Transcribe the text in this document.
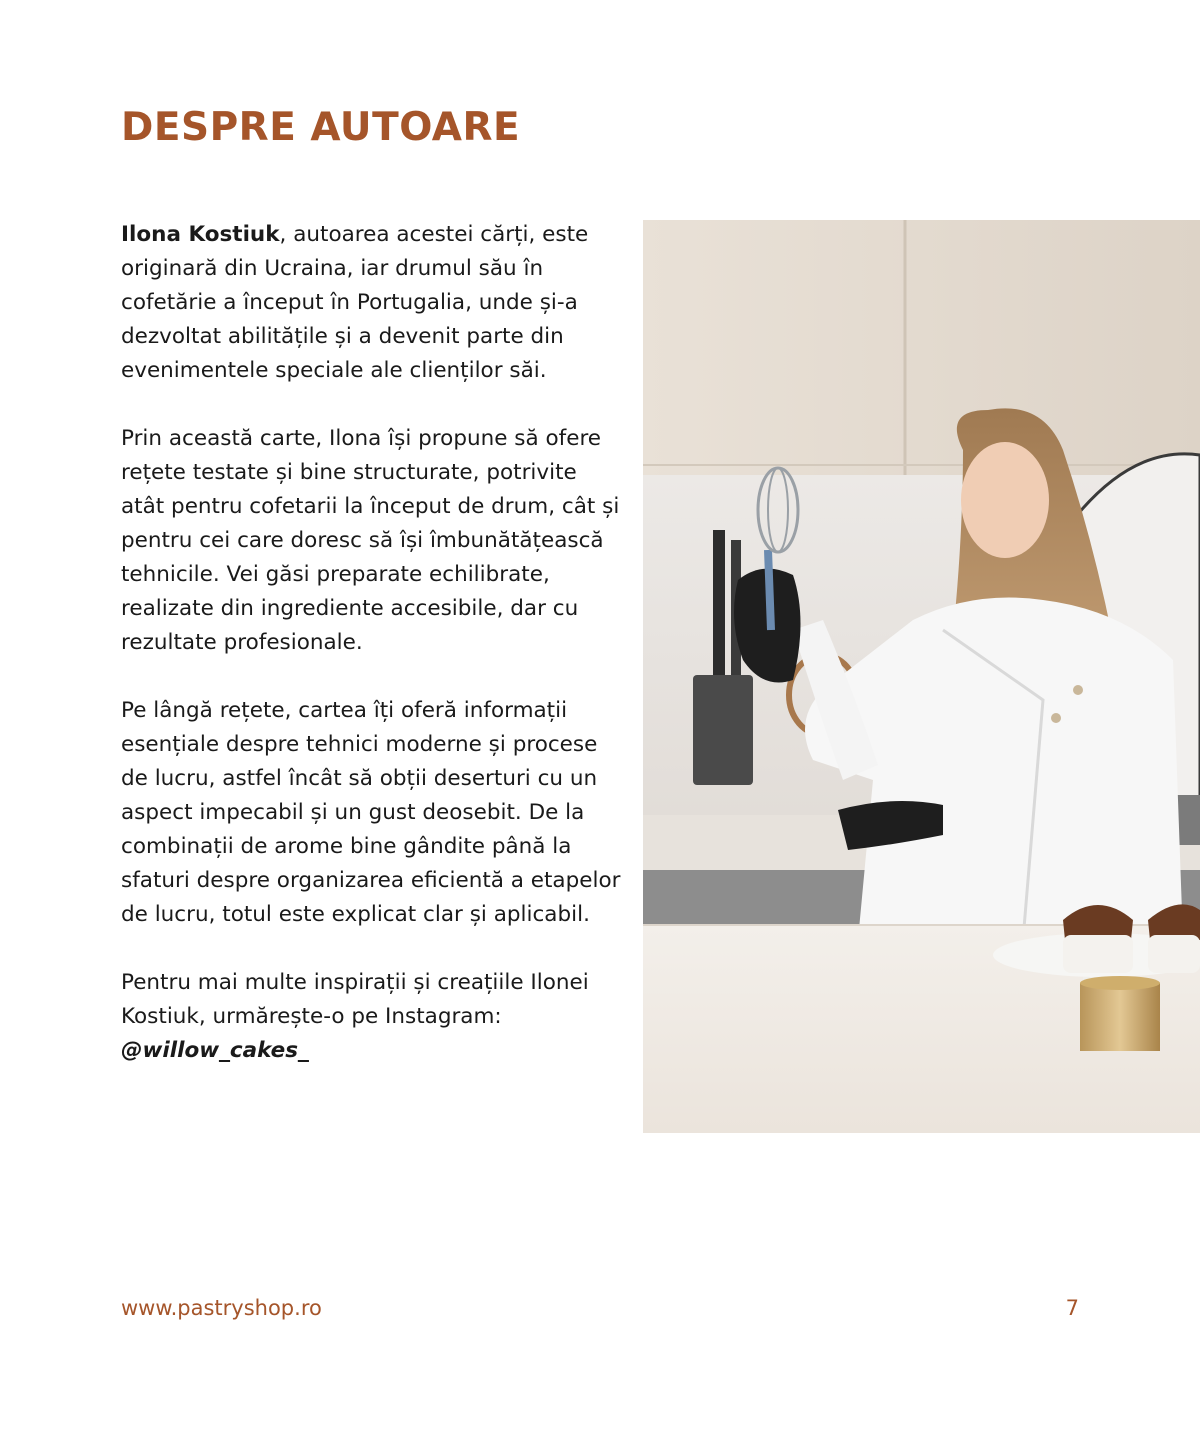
DESPRE AUTOARE

Ilona Kostiuk, autoarea acestei cărți, este originară din Ucraina, iar drumul său în cofetărie a început în Portugalia, unde și-a dezvoltat abilitățile și a devenit parte din evenimentele speciale ale clienților săi.

Prin această carte, Ilona își propune să ofere rețete testate și bine structurate, potrivite atât pentru cofetarii la început de drum, cât și pentru cei care doresc să își îmbunătățească tehnicile. Vei găsi preparate echilibrate, realizate din ingrediente accesibile, dar cu rezultate profesionale.

Pe lângă rețete, cartea îți oferă informații esențiale despre tehnici moderne și procese de lucru, astfel încât să obții deserturi cu un aspect impecabil și un gust deosebit. De la combinații de arome bine gândite până la sfaturi despre organizarea eficientă a etapelor de lucru, totul este explicat clar și aplicabil.

Pentru mai multe inspirații și creațiile Ilonei Kostiuk, urmărește-o pe Instagram:
@willow_cakes_

www.pastryshop.ro	7
